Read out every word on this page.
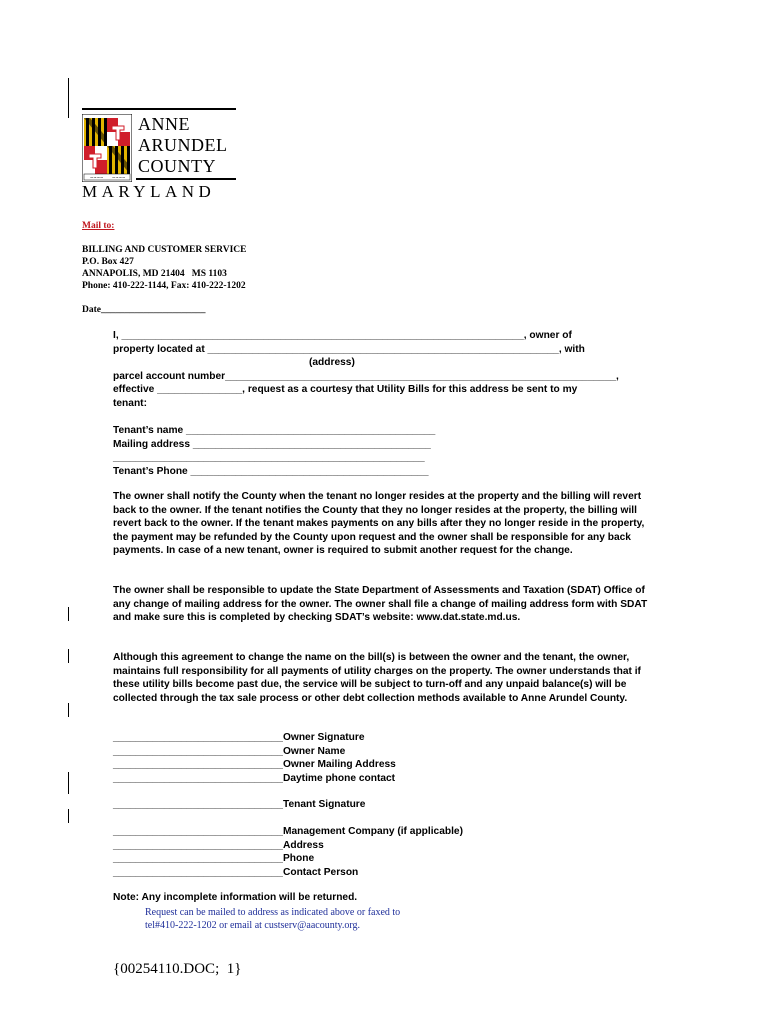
~~~~ ~~~~
ANNE
ARUNDEL
COUNTY
MARYLAND
Mail to:
BILLING AND CUSTOMER SERVICE
P.O. Box 427
ANNAPOLIS, MD 21404   MS 1103
Phone: 410-222-1144, Fax: 410-222-1202
Date______________________
I, _______________________________________________________________________, owner of
property located at ______________________________________________________________, with
(address)
parcel account number_____________________________________________________________________,
effective _______________, request as a courtesy that Utility Bills for this address be sent to my
tenant:
Tenant’s name ____________________________________________
Mailing address __________________________________________
_______________________________________________________
Tenant’s Phone __________________________________________
The owner shall notify the County when the tenant no longer resides at the property and the billing will revert back to the owner. If the tenant notifies the County that they no longer resides at the property, the billing will revert back to the owner. If the tenant makes payments on any bills after they no longer reside in the property, the payment may be refunded by the County upon request and the owner shall be responsible for any back payments. In case of a new tenant, owner is required to submit another request for the change.
The owner shall be responsible to update the State Department of Assessments and Taxation (SDAT) Office of any change of mailing address for the owner. The owner shall file a change of mailing address form with SDAT and make sure this is completed by checking SDAT’s website: www.dat.state.md.us.
Although this agreement to change the name on the bill(s) is between the owner and the tenant, the owner, maintains full responsibility for all payments of utility charges on the property. The owner understands that if these utility bills become past due, the service will be subject to turn-off and any unpaid balance(s) will be collected through the tax sale process or other debt collection methods available to Anne Arundel County.
______________________________Owner Signature
______________________________Owner Name
______________________________Owner Mailing Address
______________________________Daytime phone contact
______________________________Tenant Signature
______________________________Management Company (if applicable)
______________________________Address
______________________________Phone
______________________________Contact Person
Note: Any incomplete information will be returned.
Request can be mailed to address as indicated above or faxed to
tel#410-222-1202 or email at custserv@aacounty.org.
{00254110.DOC;  1}
